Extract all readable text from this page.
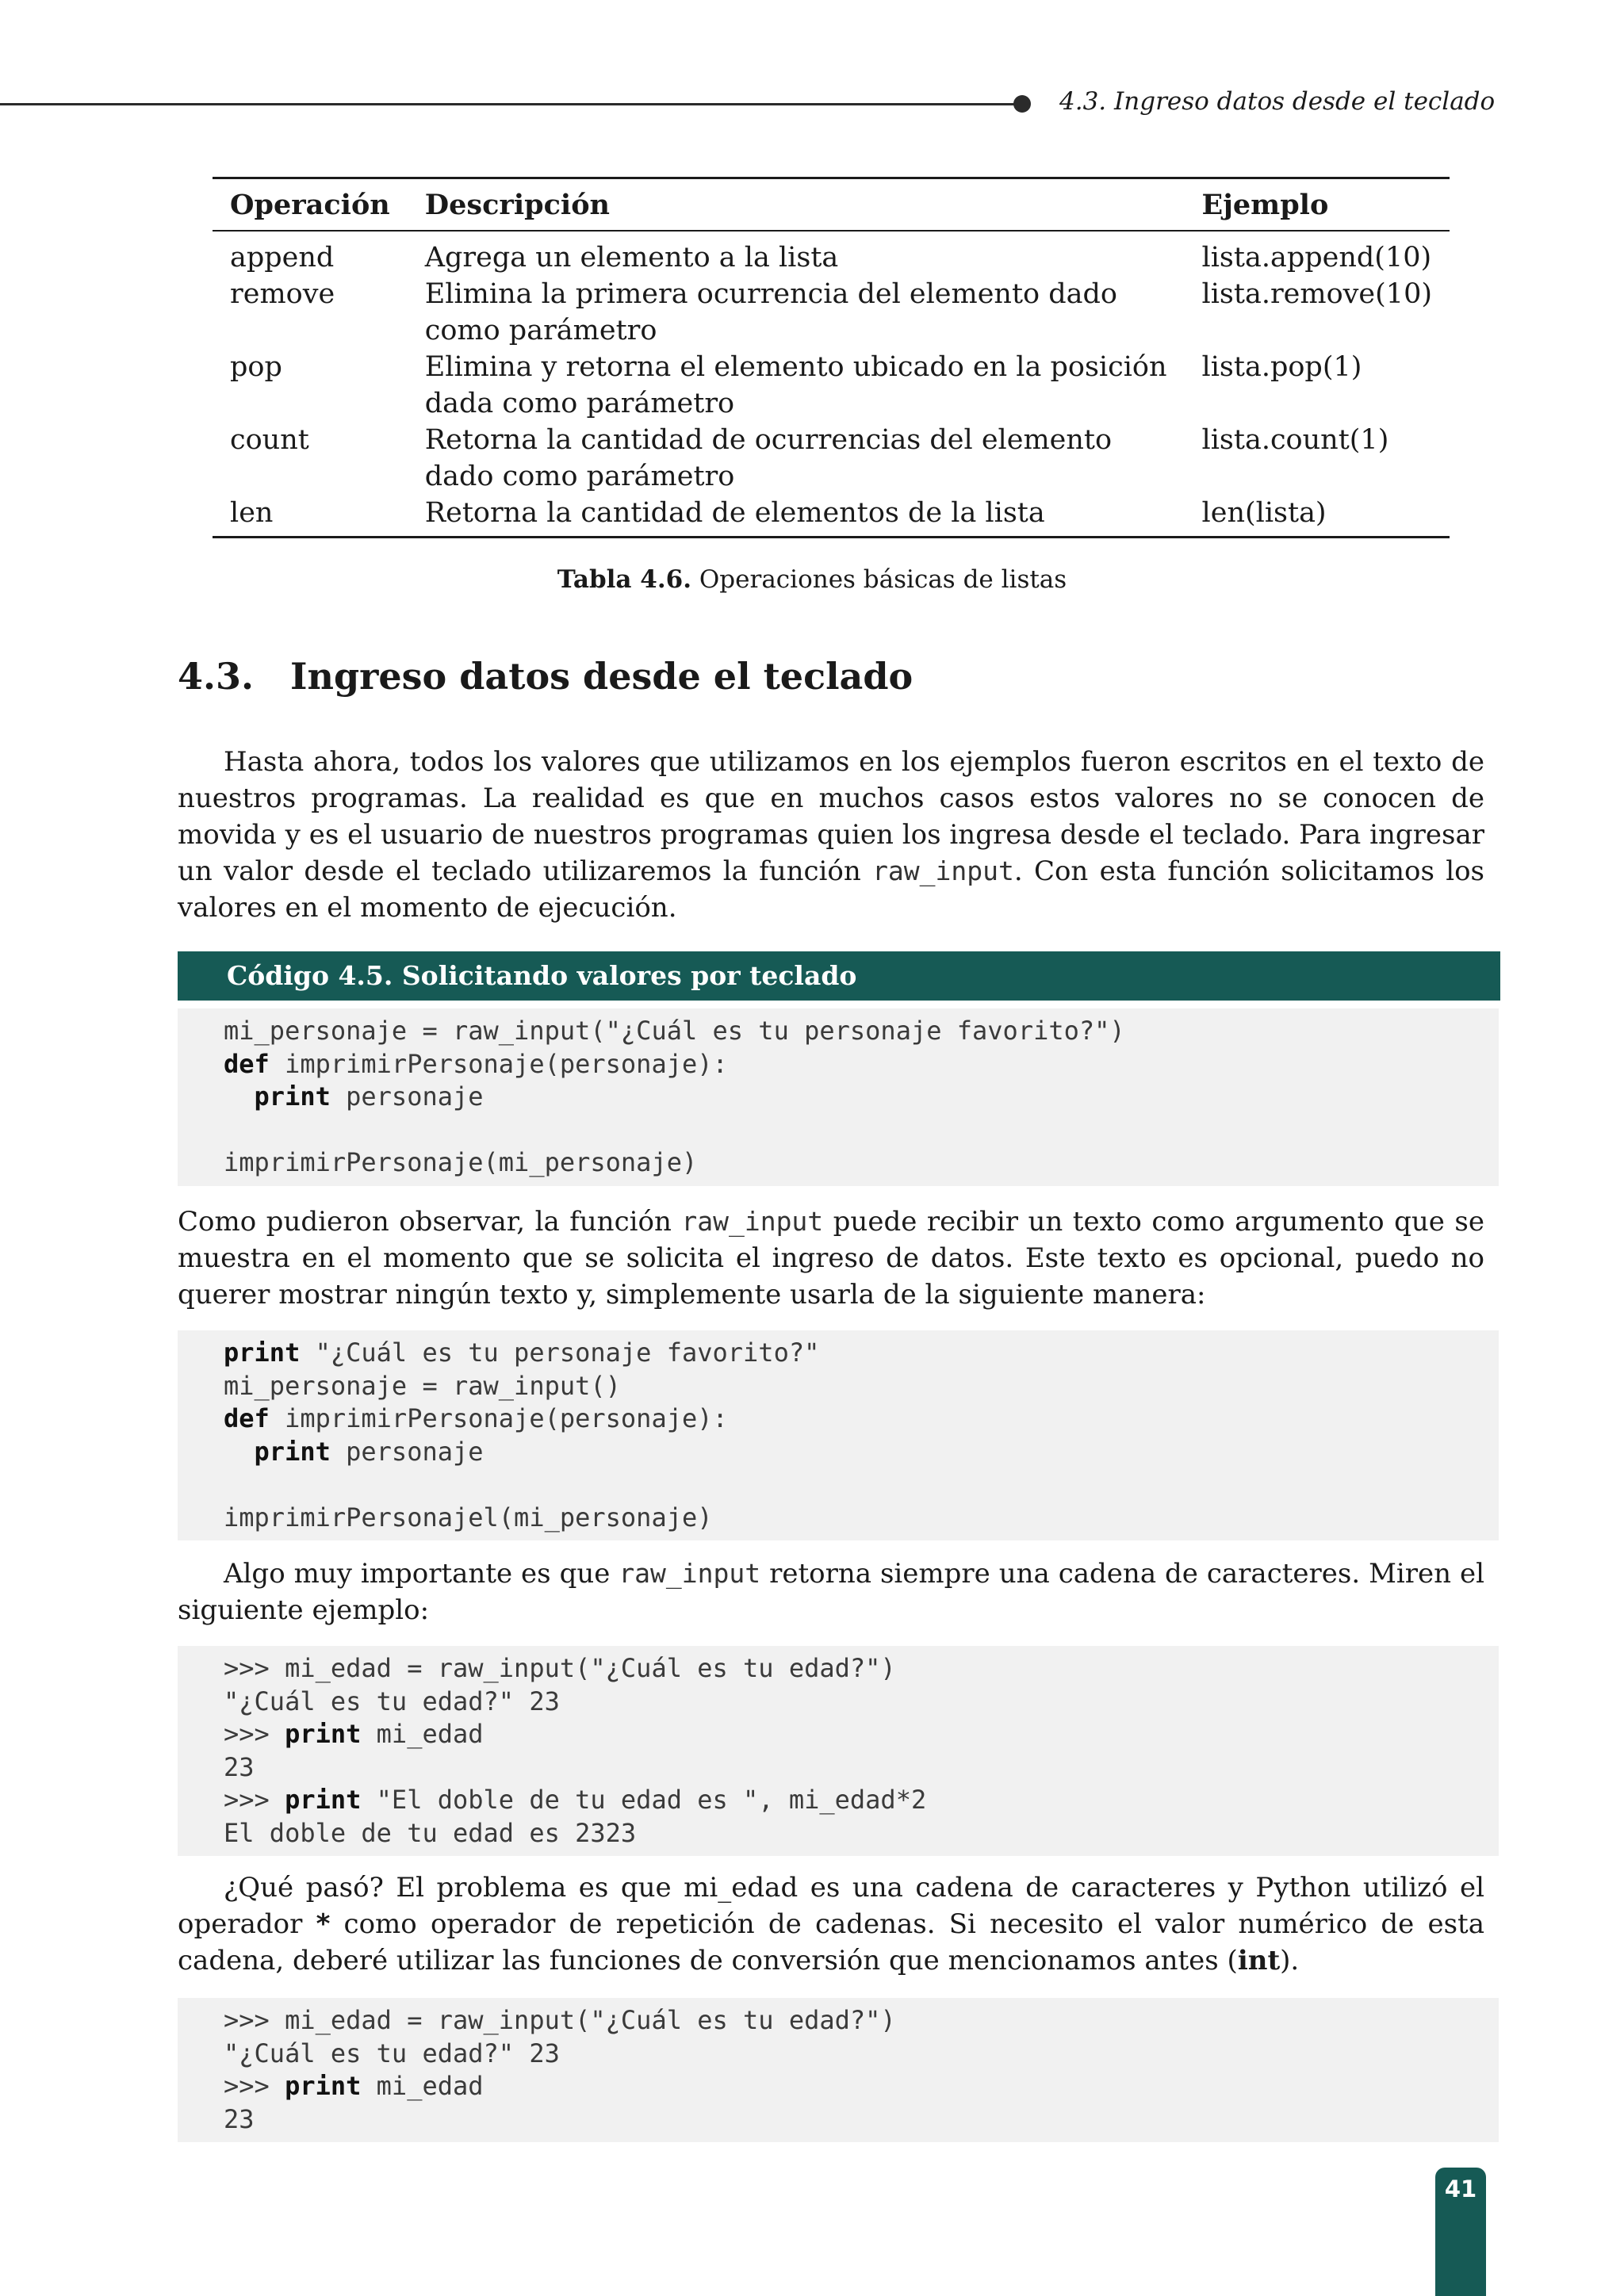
4.3. Ingreso datos desde el teclado
Operación	Descripción	Ejemplo
append	Agrega un elemento a la lista	lista.append(10)
remove	Elimina la primera ocurrencia del elemento dado como parámetro	lista.remove(10)
pop	Elimina y retorna el elemento ubicado en la posición dada como parámetro	lista.pop(1)
count	Retorna la cantidad de ocurrencias del elemento dado como parámetro	lista.count(1)
len	Retorna la cantidad de elementos de la lista	len(lista)
Tabla 4.6. Operaciones básicas de listas
4.3. Ingreso datos desde el teclado
Hasta ahora, todos los valores que utilizamos en los ejemplos fueron escritos en el texto de nuestros programas. La realidad es que en muchos casos estos valores no se conocen de movida y es el usuario de nuestros programas quien los ingresa desde el teclado. Para ingresar un valor desde el teclado utilizaremos la función raw_input. Con esta función solicitamos los valores en el momento de ejecución.
Código 4.5. Solicitando valores por teclado
mi_personaje = raw_input("¿Cuál es tu personaje favorito?")
def imprimirPersonaje(personaje):
print personaje
imprimirPersonaje(mi_personaje)
Como pudieron observar, la función raw_input puede recibir un texto como argumento que se muestra en el momento que se solicita el ingreso de datos. Este texto es opcional, puedo no querer mostrar ningún texto y, simplemente usarla de la siguiente manera:
print "¿Cuál es tu personaje favorito?"
mi_personaje = raw_input()
def imprimirPersonaje(personaje):
print personaje
imprimirPersonajel(mi_personaje)
Algo muy importante es que raw_input retorna siempre una cadena de caracteres. Miren el siguiente ejemplo:
>>> mi_edad = raw_input("¿Cuál es tu edad?")
"¿Cuál es tu edad?" 23
>>> print mi_edad
23
>>> print "El doble de tu edad es ", mi_edad*2
El doble de tu edad es 2323
¿Qué pasó? El problema es que mi_edad es una cadena de caracteres y Python utilizó el operador * como operador de repetición de cadenas. Si necesito el valor numérico de esta cadena, deberé utilizar las funciones de conversión que mencionamos antes (int).
>>> mi_edad = raw_input("¿Cuál es tu edad?")
"¿Cuál es tu edad?" 23
>>> print mi_edad
23
41
